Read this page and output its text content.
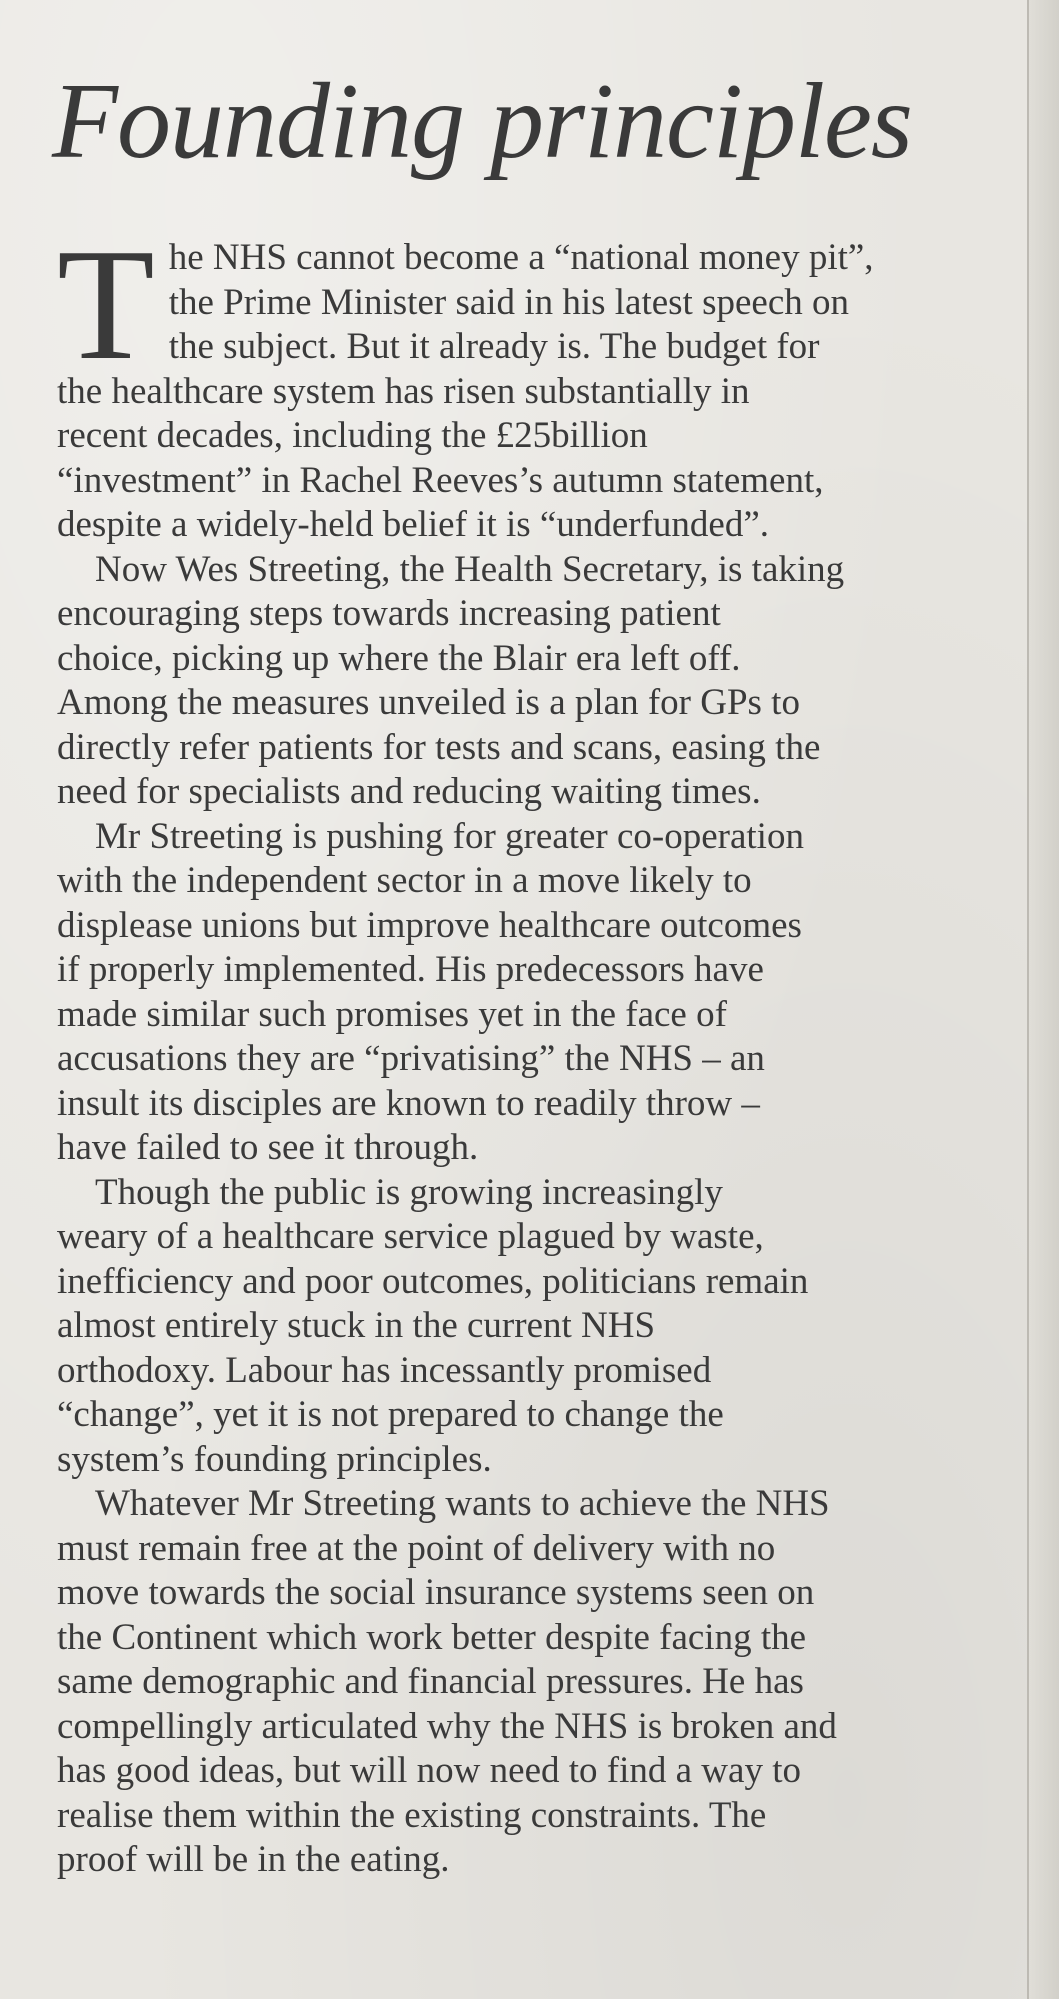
Founding principles

T he NHS cannot become a “national money pit”,
the Prime Minister said in his latest speech on
the subject. But it already is. The budget for
the healthcare system has risen substantially in
recent decades, including the £25billion
“investment” in Rachel Reeves’s autumn statement,
despite a widely-held belief it is “underfunded”.

Now Wes Streeting, the Health Secretary, is taking
encouraging steps towards increasing patient
choice, picking up where the Blair era left off.
Among the measures unveiled is a plan for GPs to
directly refer patients for tests and scans, easing the
need for specialists and reducing waiting times.

Mr Streeting is pushing for greater co-operation
with the independent sector in a move likely to
displease unions but improve healthcare outcomes
if properly implemented. His predecessors have
made similar such promises yet in the face of
accusations they are “privatising” the NHS – an
insult its disciples are known to readily throw –
have failed to see it through.

Though the public is growing increasingly
weary of a healthcare service plagued by waste,
inefficiency and poor outcomes, politicians remain
almost entirely stuck in the current NHS
orthodoxy. Labour has incessantly promised
“change”, yet it is not prepared to change the
system’s founding principles.

Whatever Mr Streeting wants to achieve the NHS
must remain free at the point of delivery with no
move towards the social insurance systems seen on
the Continent which work better despite facing the
same demographic and financial pressures. He has
compellingly articulated why the NHS is broken and
has good ideas, but will now need to find a way to
realise them within the existing constraints. The
proof will be in the eating.
